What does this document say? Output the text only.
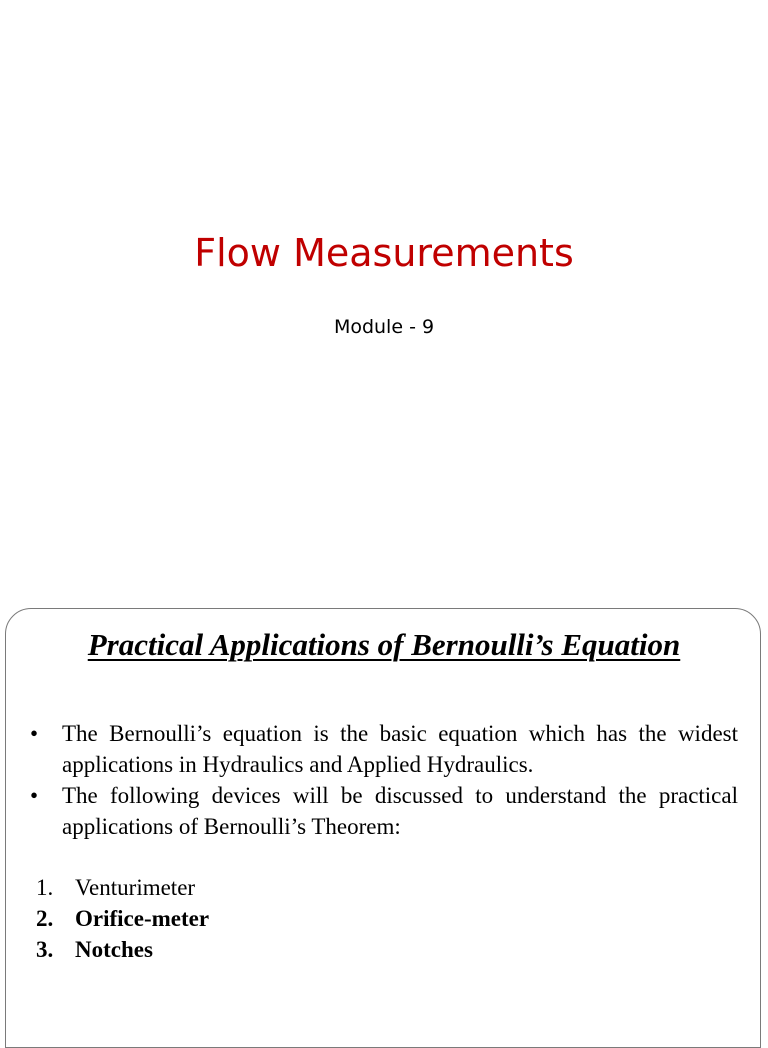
Flow Measurements
Module - 9
Practical Applications of Bernoulli’s Equation
• The Bernoulli’s equation is the basic equation which has the widest applications in Hydraulics and Applied Hydraulics.
• The following devices will be discussed to understand the practical applications of Bernoulli’s Theorem:
1. Venturimeter
2. Orifice-meter
3. Notches
